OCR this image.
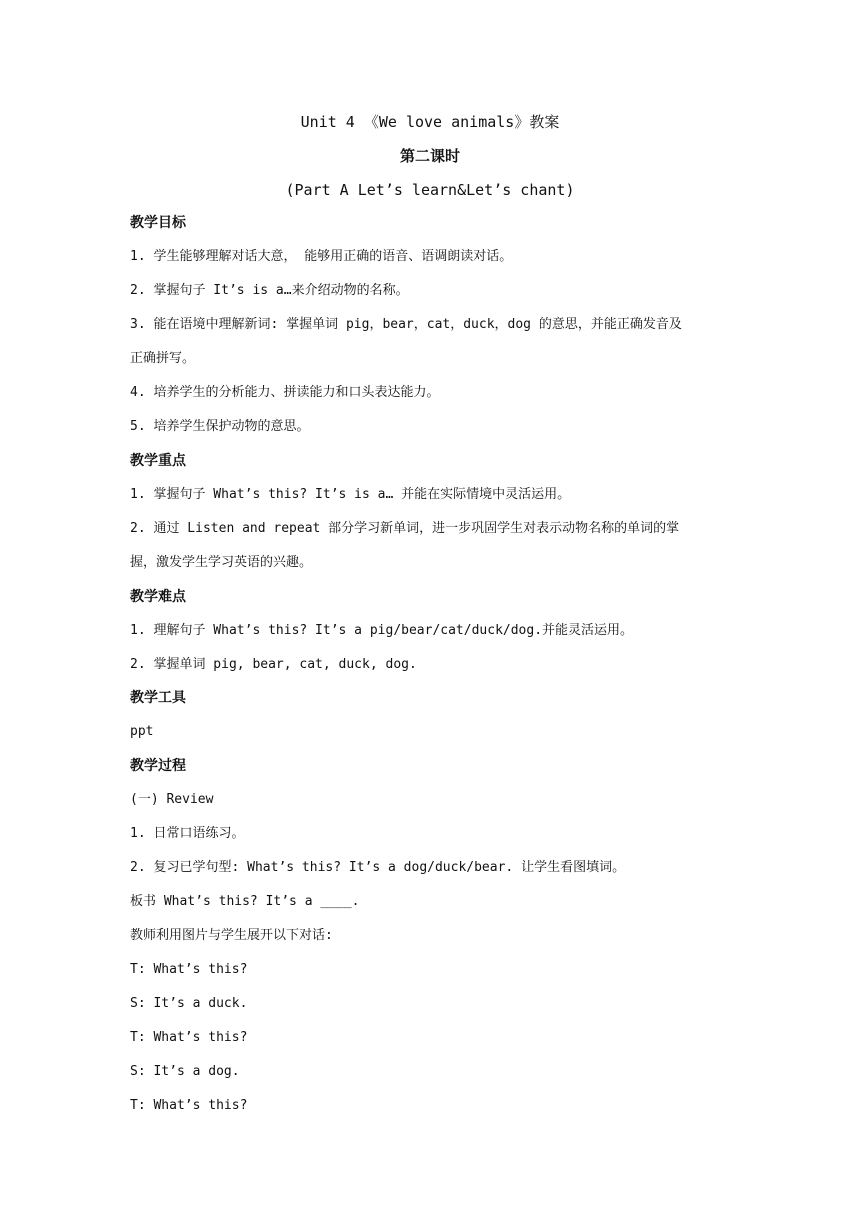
Unit 4 《We love animals》教案
第二课时
(Part A Let’s learn&Let’s chant)
教学目标
1. 学生能够理解对话大意， 能够用正确的语音、语调朗读对话。
2. 掌握句子 It’s is a…来介绍动物的名称。
3. 能在语境中理解新词: 掌握单词 pig，bear，cat，duck，dog 的意思，并能正确发音及
正确拼写。
4. 培养学生的分析能力、拼读能力和口头表达能力。
5. 培养学生保护动物的意思。
教学重点
1. 掌握句子 What’s this? It’s is a… 并能在实际情境中灵活运用。
2. 通过 Listen and repeat 部分学习新单词，进一步巩固学生对表示动物名称的单词的掌
握，激发学生学习英语的兴趣。
教学难点
1. 理解句子 What’s this? It’s a pig/bear/cat/duck/dog.并能灵活运用。
2. 掌握单词 pig, bear, cat, duck, dog.
教学工具
ppt
教学过程
(一) Review
1. 日常口语练习。
2. 复习已学句型: What’s this? It’s a dog/duck/bear. 让学生看图填词。
板书 What’s this? It’s a ____.
教师利用图片与学生展开以下对话:
T: What’s this?
S: It’s a duck.
T: What’s this?
S: It’s a dog.
T: What’s this?
